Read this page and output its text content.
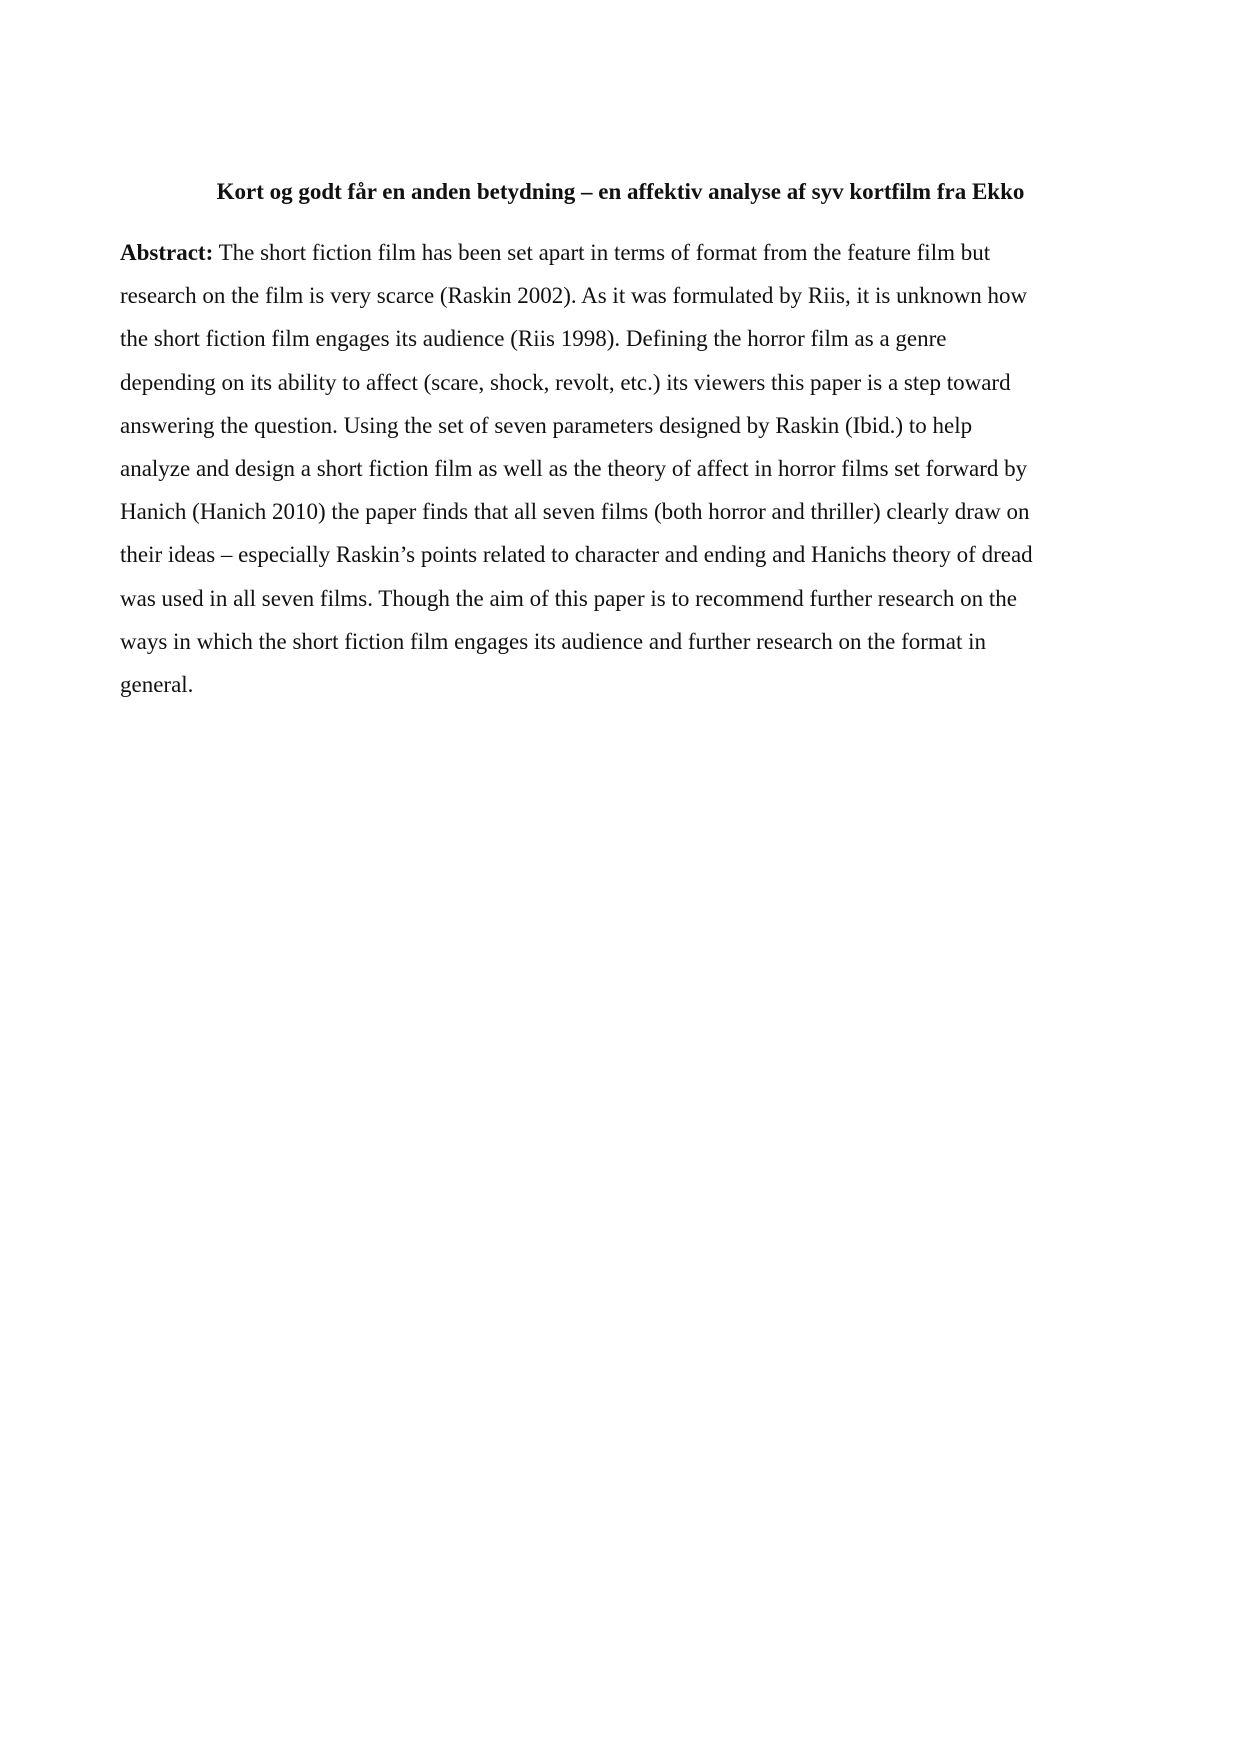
Kort og godt får en anden betydning – en affektiv analyse af syv kortfilm fra Ekko
Abstract: The short fiction film has been set apart in terms of format from the feature film but
research on the film is very scarce (Raskin 2002). As it was formulated by Riis, it is unknown how
the short fiction film engages its audience (Riis 1998). Defining the horror film as a genre
depending on its ability to affect (scare, shock, revolt, etc.) its viewers this paper is a step toward
answering the question. Using the set of seven parameters designed by Raskin (Ibid.) to help
analyze and design a short fiction film as well as the theory of affect in horror films set forward by
Hanich (Hanich 2010) the paper finds that all seven films (both horror and thriller) clearly draw on
their ideas – especially Raskin’s points related to character and ending and Hanichs theory of dread
was used in all seven films. Though the aim of this paper is to recommend further research on the
ways in which the short fiction film engages its audience and further research on the format in
general.
